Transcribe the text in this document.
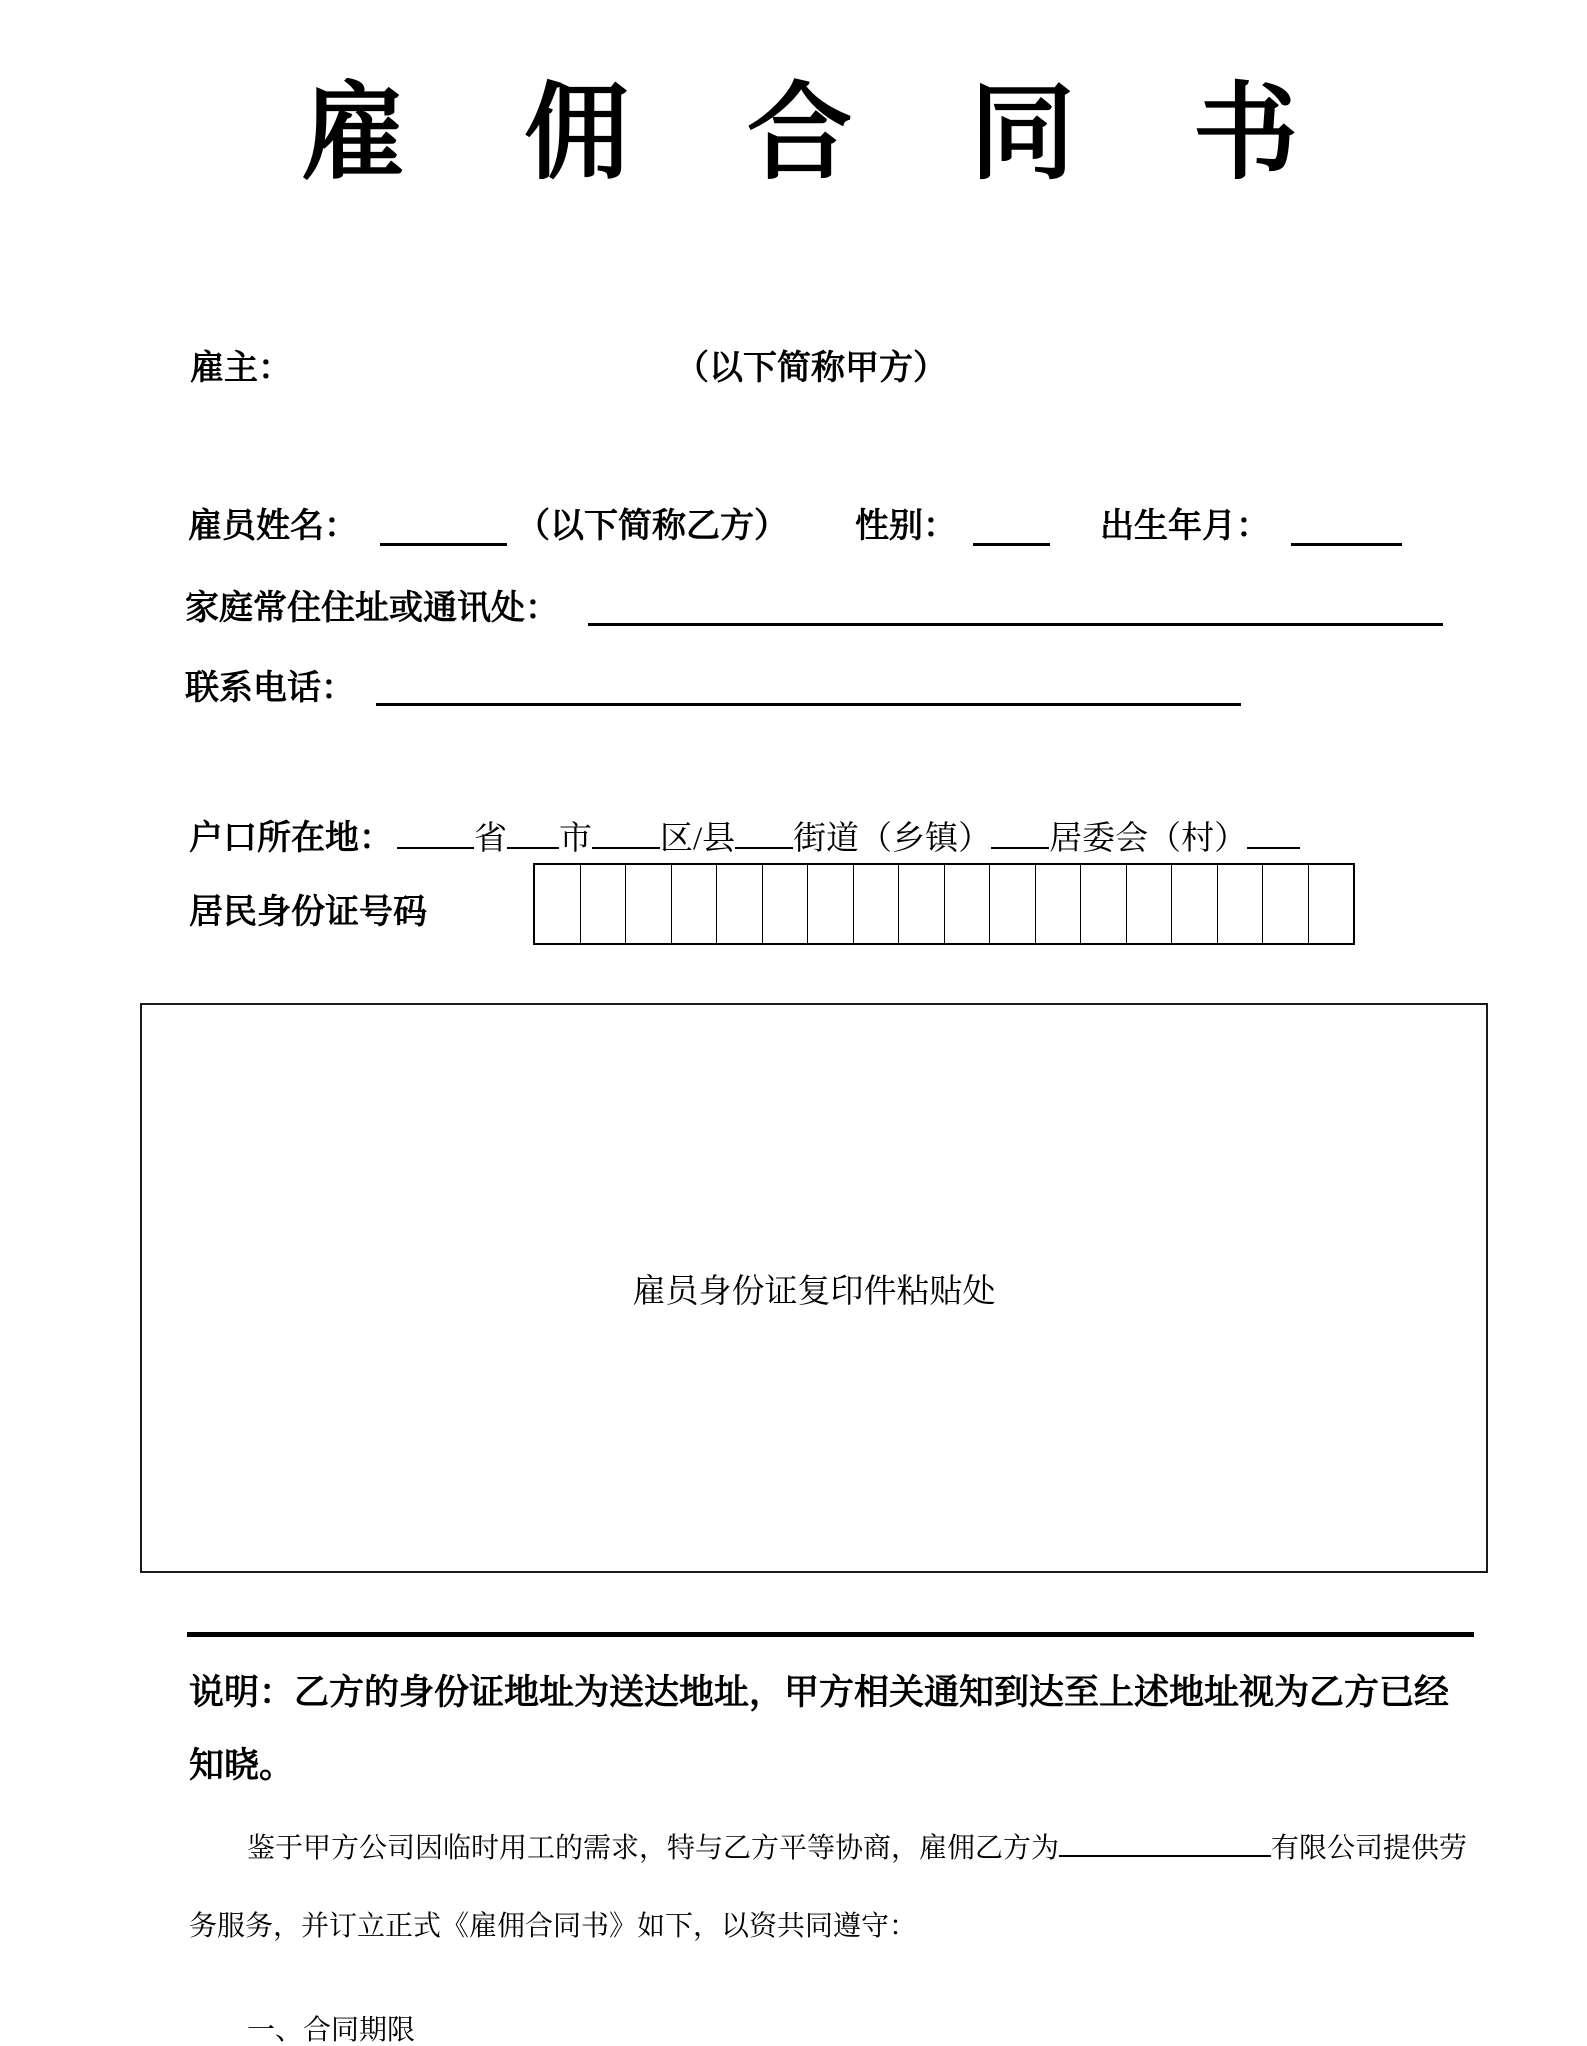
雇佣合同书
雇主：	（以下简称甲方）
雇员姓名：	（以下简称乙方） 性别：	出生年月：
家庭常住住址或通讯处：
联系电话：
户口所在地： 省 市 区/县 街道（乡镇） 居委会（村）
居民身份证号码
雇员身份证复印件粘贴处
说明：乙方的身份证地址为送达地址，甲方相关通知到达至上述地址视为乙方已经知晓。
鉴于甲方公司因临时用工的需求，特与乙方平等协商，雇佣乙方为	有限公司提供劳
务服务，并订立正式《雇佣合同书》如下，以资共同遵守：
一、合同期限
